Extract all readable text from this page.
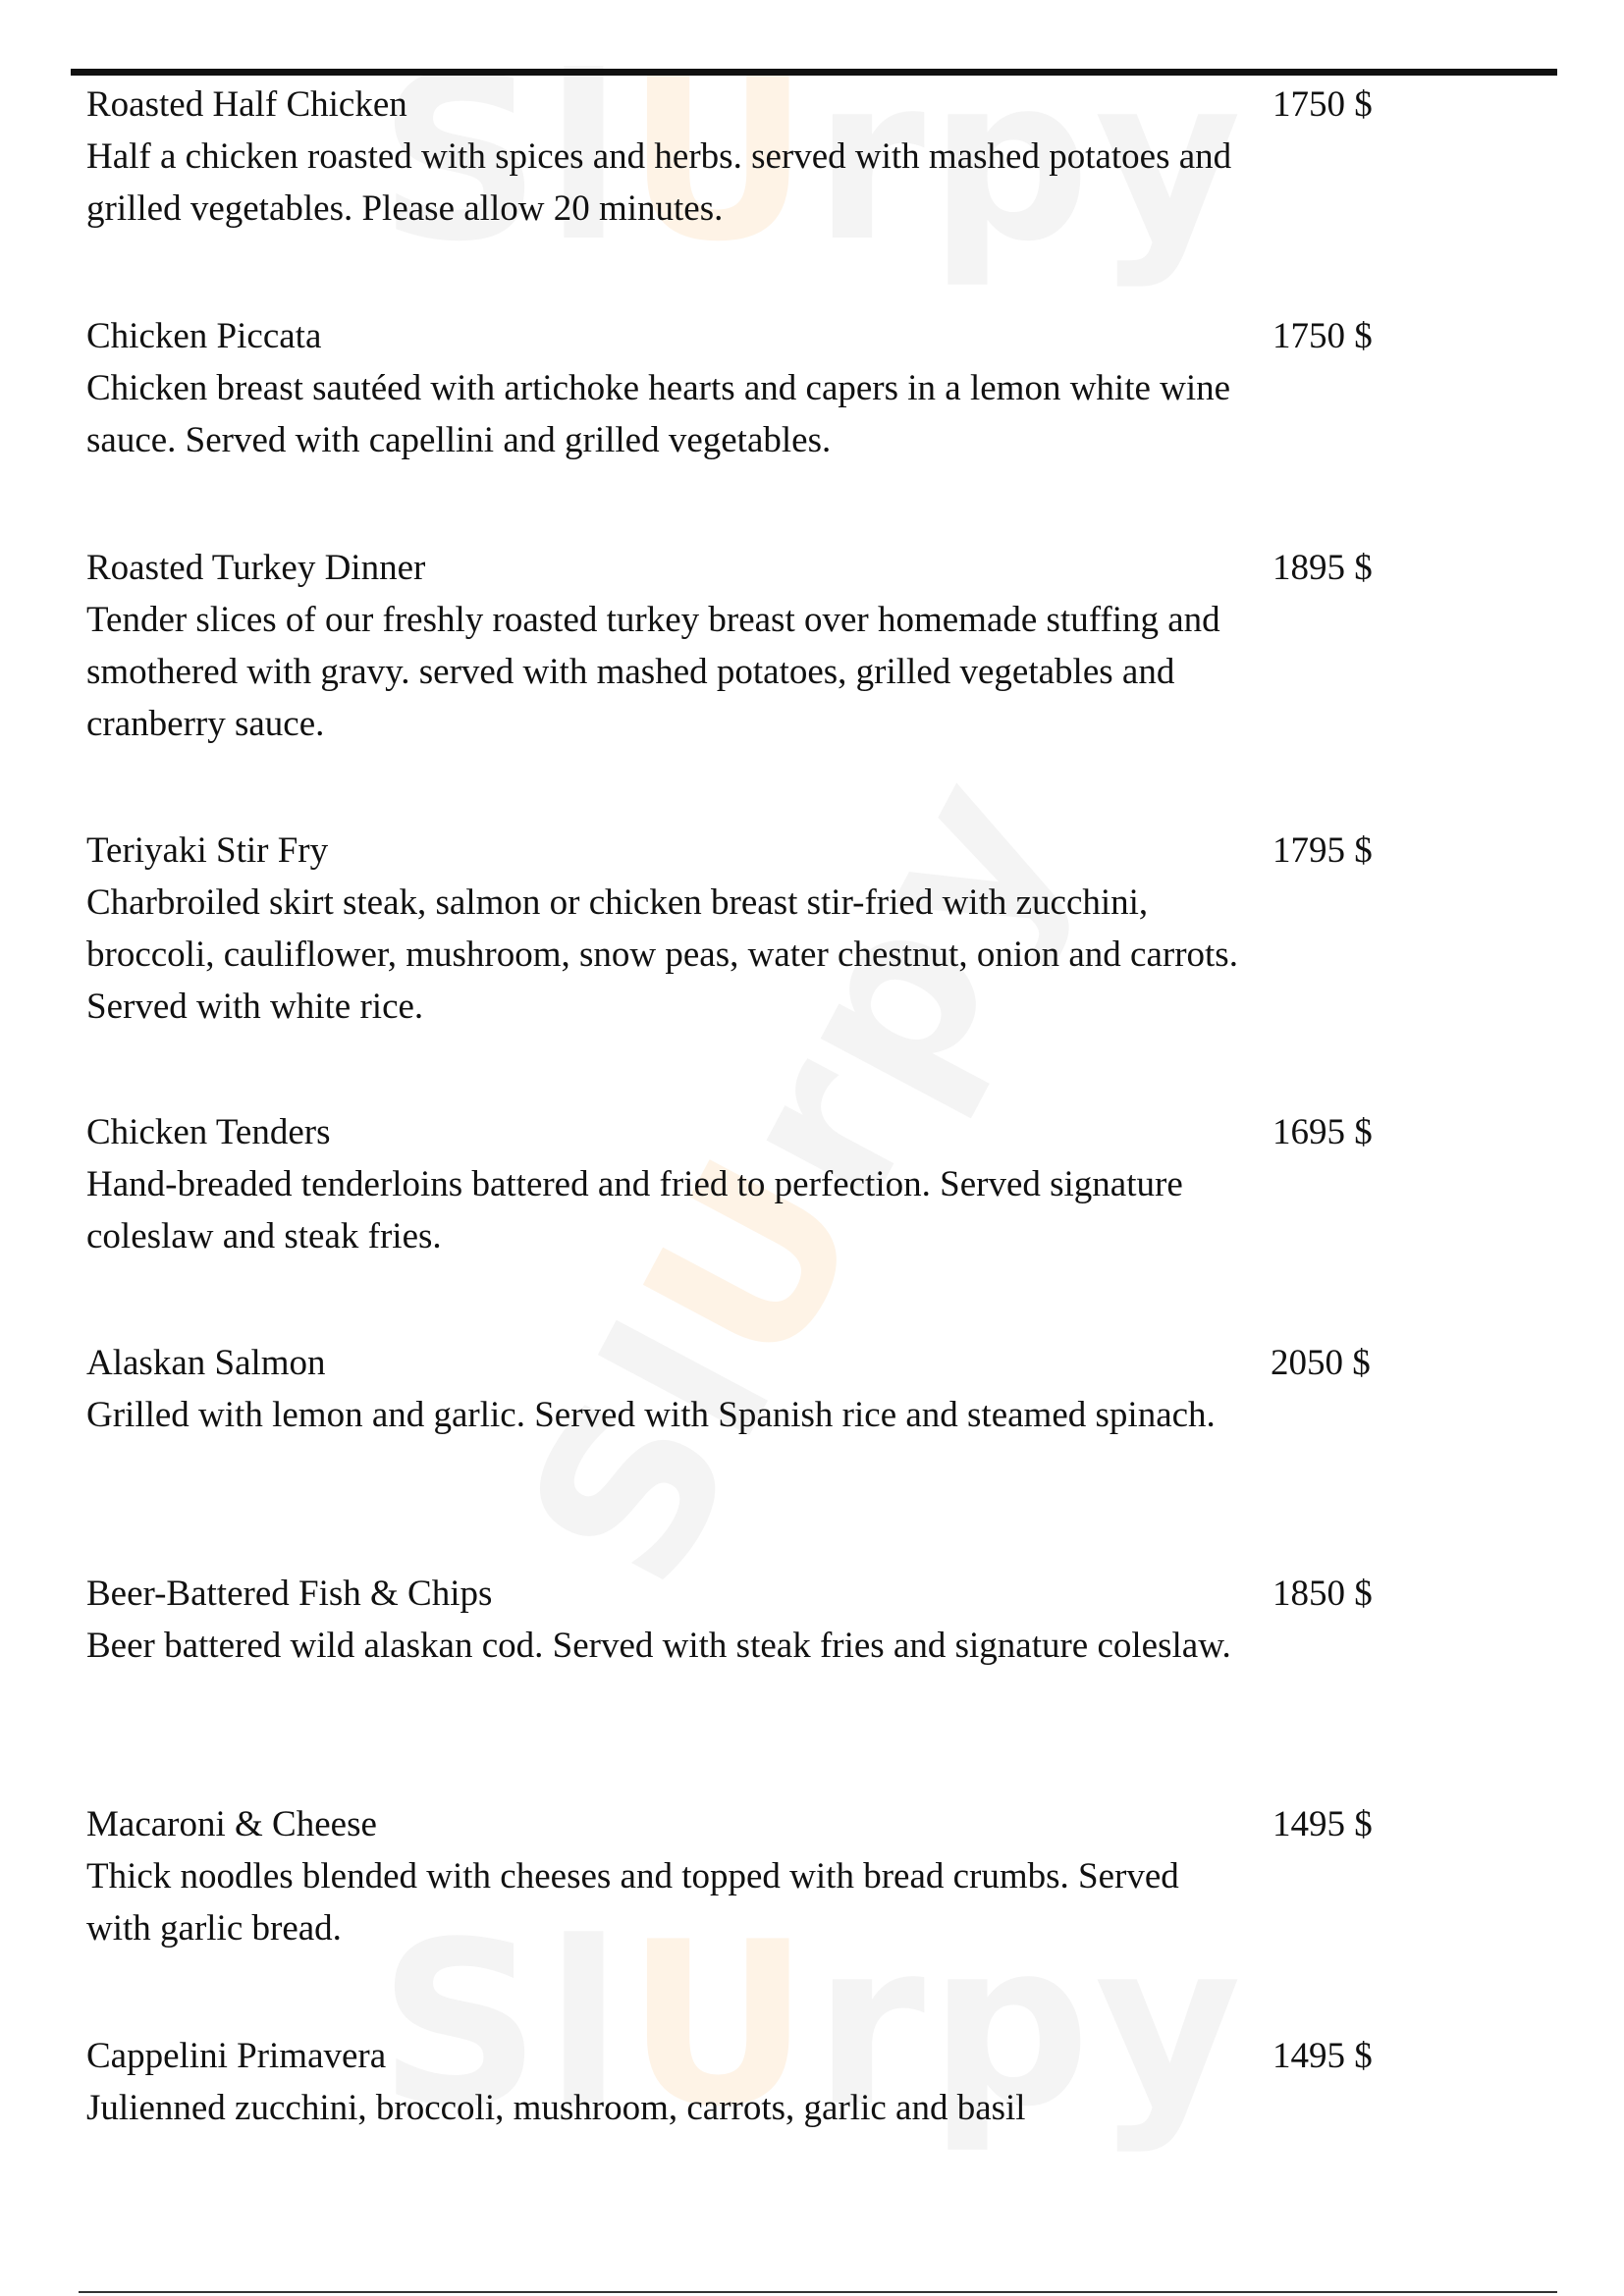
U
U
U
Roasted Half Chicken
Half a chicken roasted with spices and herbs. served with mashed potatoes and grilled vegetables. Please allow 20 minutes.
1750 $
Chicken Piccata
Chicken breast sautéed with artichoke hearts and capers in a lemon white wine sauce. Served with capellini and grilled vegetables.
1750 $
Roasted Turkey Dinner
Tender slices of our freshly roasted turkey breast over homemade stuffing and smothered with gravy. served with mashed potatoes, grilled vegetables and cranberry sauce.
1895 $
Teriyaki Stir Fry
Charbroiled skirt steak, salmon or chicken breast stir-fried with zucchini, broccoli, cauliflower, mushroom, snow peas, water chestnut, onion and carrots. Served with white rice.
1795 $
Chicken Tenders
Hand-breaded tenderloins battered and fried to perfection. Served signature coleslaw and steak fries.
1695 $
Alaskan Salmon
Grilled with lemon and garlic. Served with Spanish rice and steamed spinach.
2050 $
Beer-Battered Fish & Chips
Beer battered wild alaskan cod. Served with steak fries and signature coleslaw.
1850 $
Macaroni & Cheese
Thick noodles blended with cheeses and topped with bread crumbs. Served with garlic bread.
1495 $
Cappelini Primavera
Julienned zucchini, broccoli, mushroom, carrots, garlic and basil
1495 $
